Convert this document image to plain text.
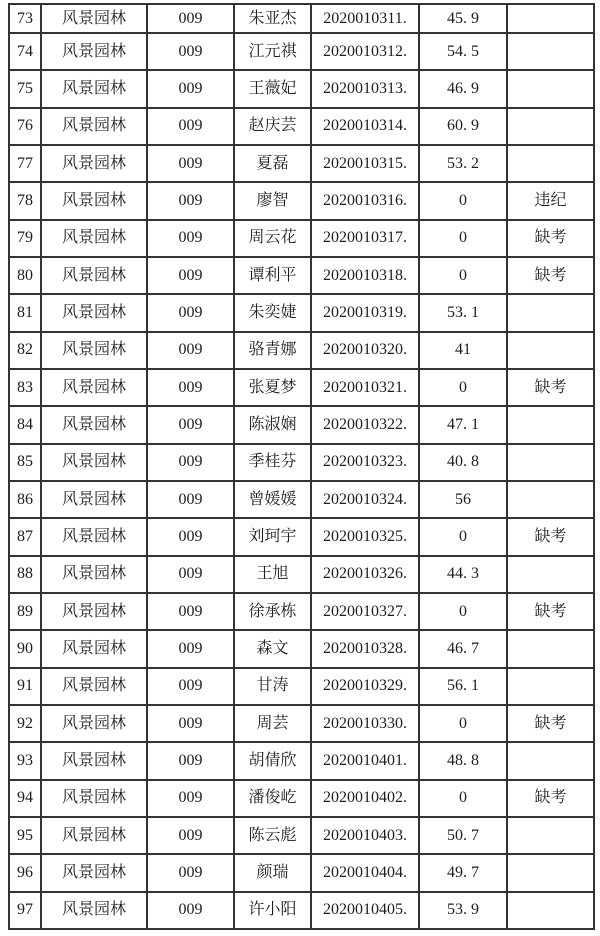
73	风景园林	009	朱亚杰	2020010311.	45. 9	
74	风景园林	009	江元祺	2020010312.	54. 5	
75	风景园林	009	王薇妃	2020010313.	46. 9	
76	风景园林	009	赵庆芸	2020010314.	60. 9	
77	风景园林	009	夏磊	2020010315.	53. 2	
78	风景园林	009	廖智	2020010316.	0	违纪
79	风景园林	009	周云花	2020010317.	0	缺考
80	风景园林	009	谭利平	2020010318.	0	缺考
81	风景园林	009	朱奕婕	2020010319.	53. 1	
82	风景园林	009	骆青娜	2020010320.	41	
83	风景园林	009	张夏梦	2020010321.	0	缺考
84	风景园林	009	陈淑娴	2020010322.	47. 1	
85	风景园林	009	季桂芬	2020010323.	40. 8	
86	风景园林	009	曾媛媛	2020010324.	56	
87	风景园林	009	刘珂宇	2020010325.	0	缺考
88	风景园林	009	王旭	2020010326.	44. 3	
89	风景园林	009	徐承栋	2020010327.	0	缺考
90	风景园林	009	森文	2020010328.	46. 7	
91	风景园林	009	甘涛	2020010329.	56. 1	
92	风景园林	009	周芸	2020010330.	0	缺考
93	风景园林	009	胡倩欣	2020010401.	48. 8	
94	风景园林	009	潘俊屹	2020010402.	0	缺考
95	风景园林	009	陈云彪	2020010403.	50. 7	
96	风景园林	009	颜瑞	2020010404.	49. 7	
97	风景园林	009	许小阳	2020010405.	53. 9	
